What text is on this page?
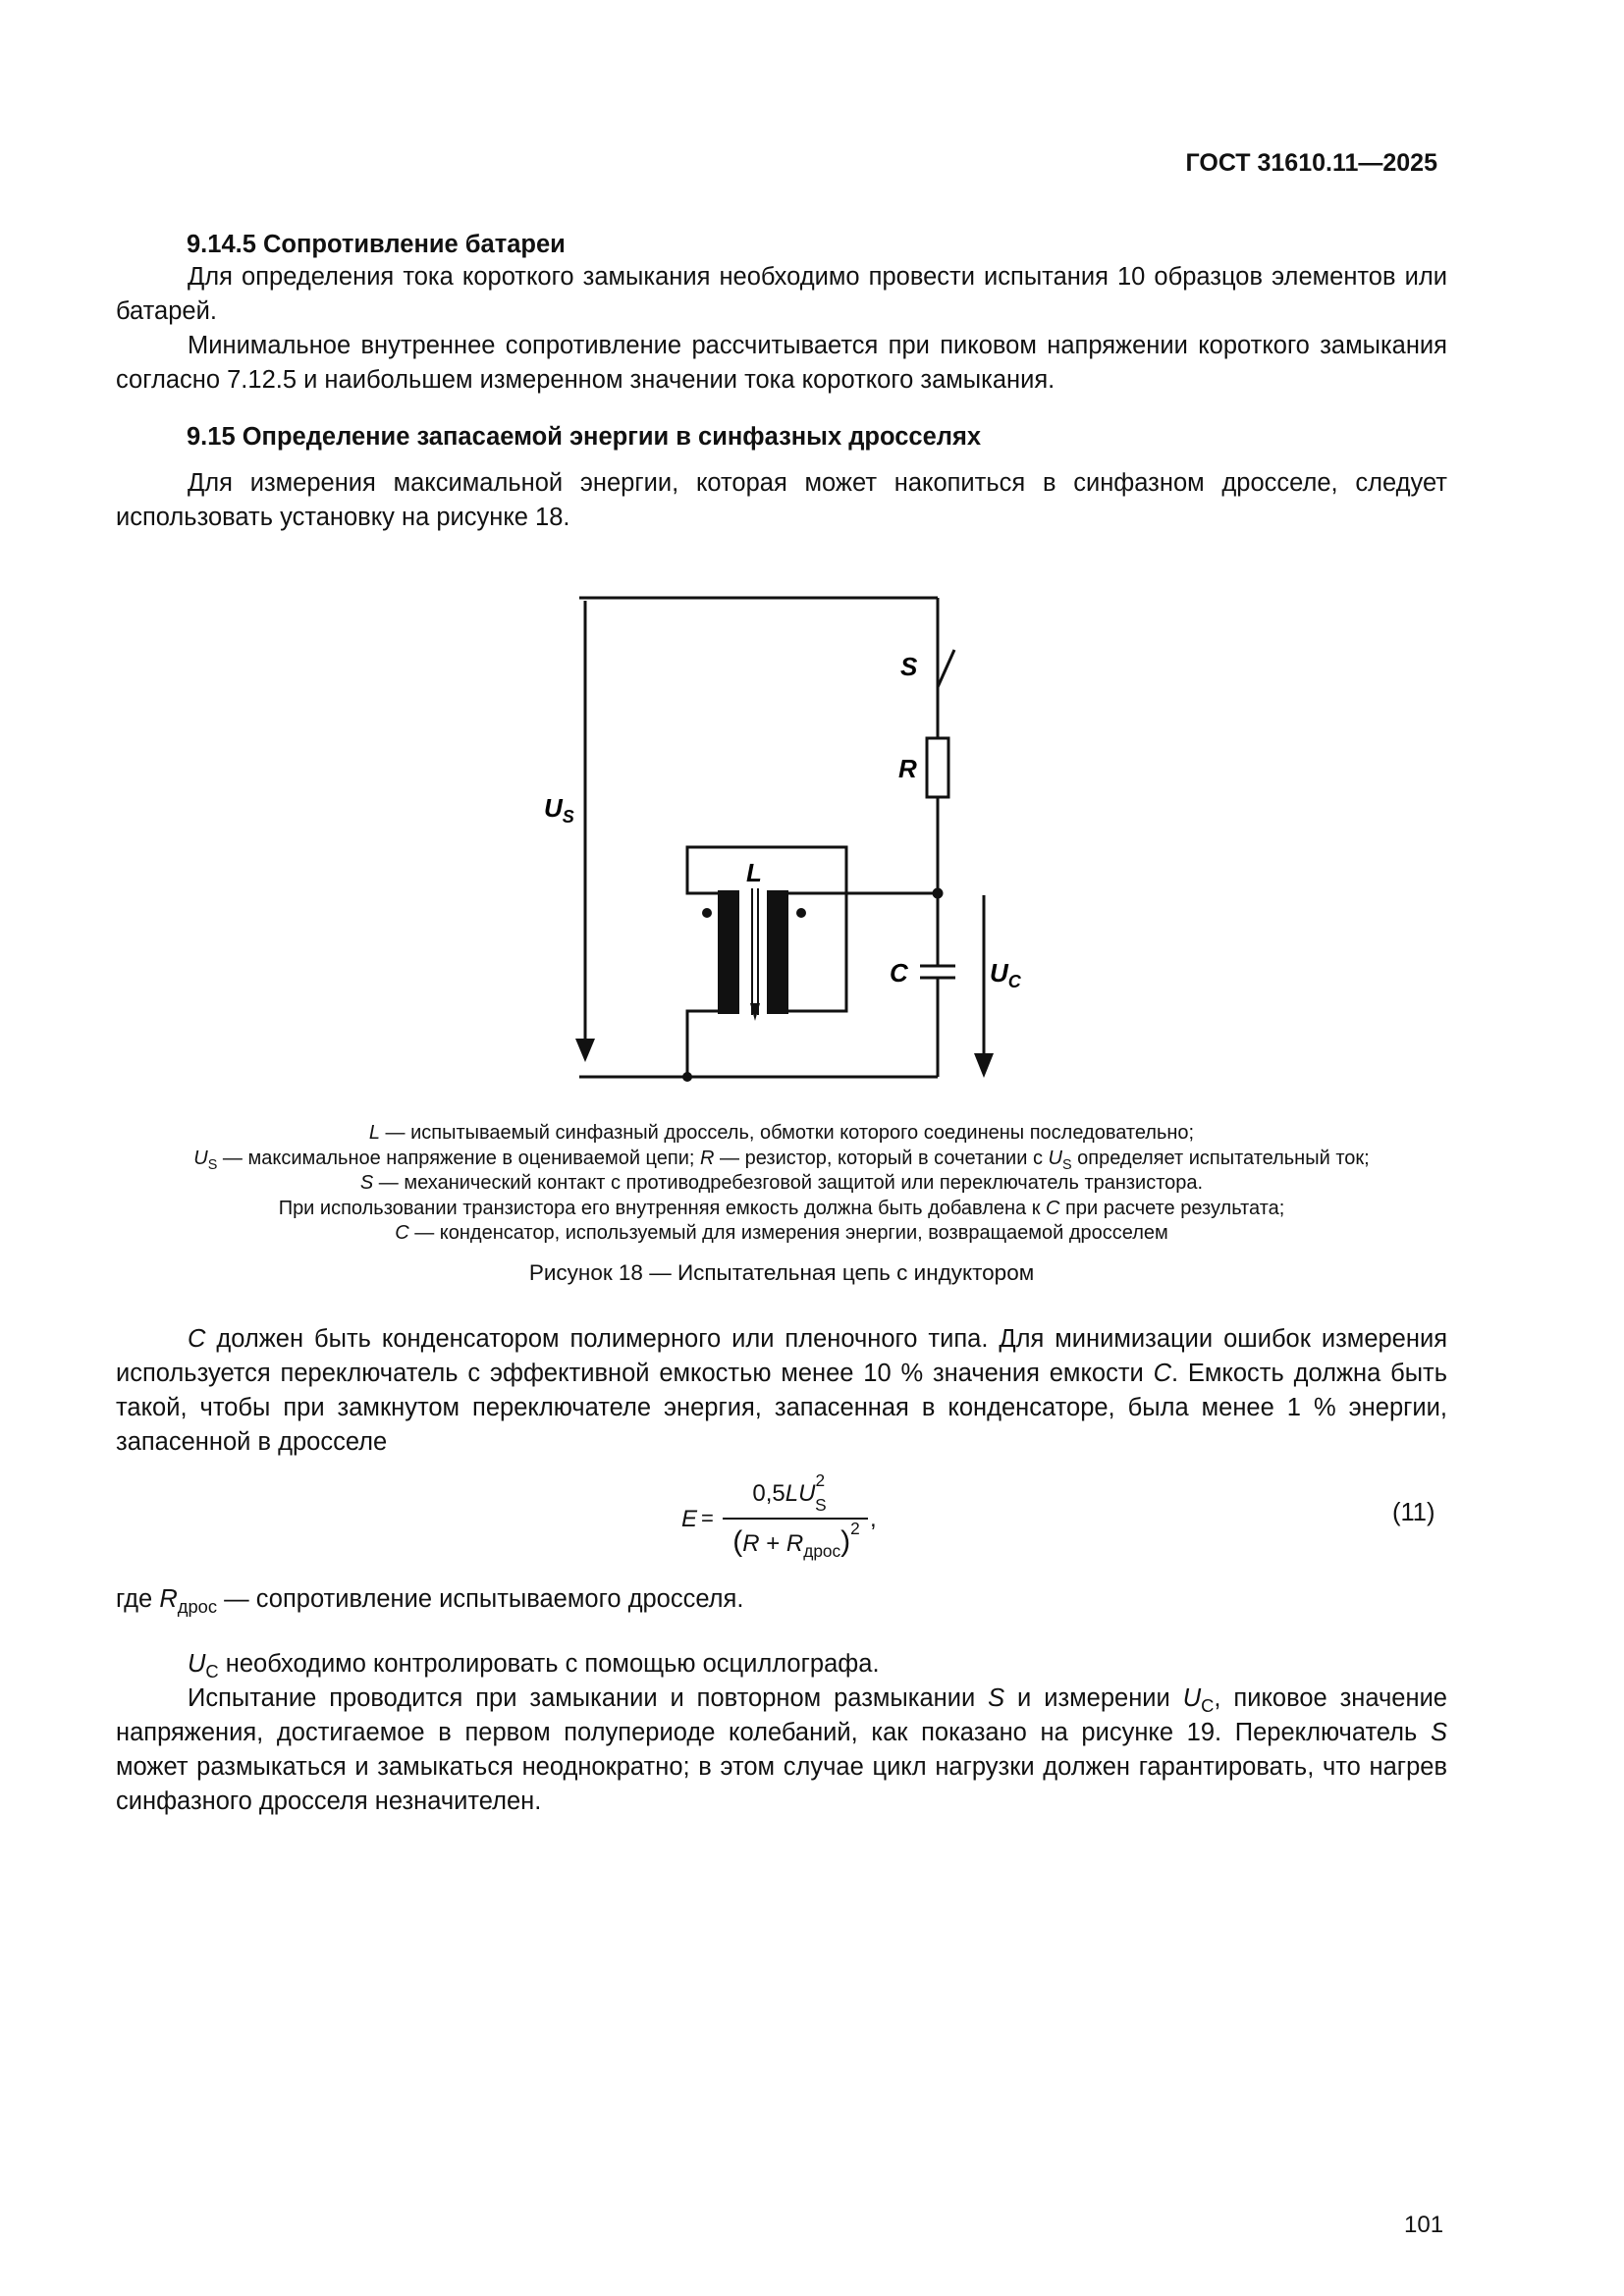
ГОСТ 31610.11—2025
9.14.5 Сопротивление батареи
Для определения тока короткого замыкания необходимо провести испытания 10 образцов элементов или батарей.
Минимальное внутреннее сопротивление рассчитывается при пиковом напряжении короткого замыкания согласно 7.12.5 и наибольшем измеренном значении тока короткого замыкания.
9.15 Определение запасаемой энергии в синфазных дросселях
Для измерения максимальной энергии, которая может накопиться в синфазном дросселе, следует использовать установку на рисунке 18.
$U_S$
S
R
L
C	$U_C$
L — испытываемый синфазный дроссель, обмотки которого соединены последовательно;
$U_S$ — максимальное напряжение в оцениваемой цепи; R — резистор, который в сочетании с $U_S$ определяет испытательный ток;
S — механический контакт с противодребезговой защитой или переключатель транзистора.
При использовании транзистора его внутренняя емкость должна быть добавлена к C при расчете результата;
C — конденсатор, используемый для измерения энергии, возвращаемой дросселем
Рисунок 18 — Испытательная цепь с индуктором
C должен быть конденсатором полимерного или пленочного типа. Для минимизации ошибок измерения используется переключатель с эффективной емкостью менее 10 % значения емкости C. Емкость должна быть такой, чтобы при замкнутом переключателе энергия, запасенная в конденсаторе, была менее 1 % энергии, запасенной в дросселе
E =
$0,5LU^2_S$
$(R + R_{дрос})^2$ ,	(11)
где $R_{дрос}$ — сопротивление испытываемого дросселя.
$U_C$ необходимо контролировать с помощью осциллографа.
Испытание проводится при замыкании и повторном размыкании S и измерении $U_C$, пиковое значение напряжения, достигаемое в первом полупериоде колебаний, как показано на рисунке 19. Переключатель S может размыкаться и замыкаться неоднократно; в этом случае цикл нагрузки должен гарантировать, что нагрев синфазного дросселя незначителен.
101
